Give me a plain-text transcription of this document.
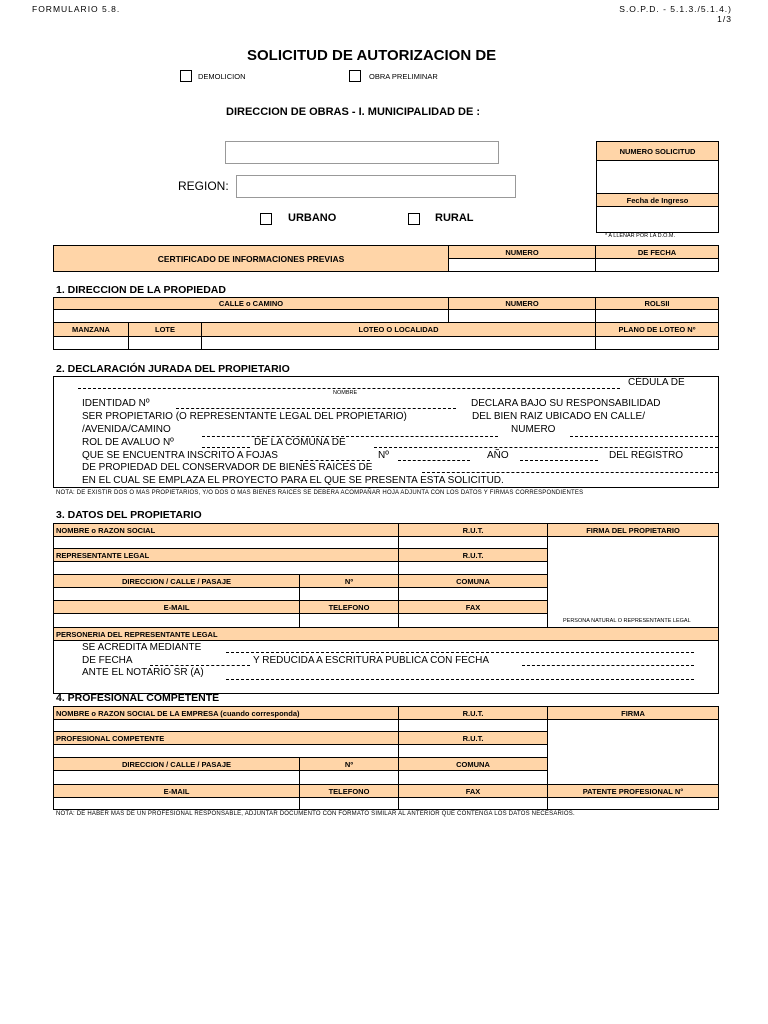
FORMULARIO 5.8.	S.O.P.D. - 5.1.3./5.1.4.)
1/3
SOLICITUD DE AUTORIZACION DE
DEMOLICION	OBRA PRELIMINAR
DIRECCION DE OBRAS - I. MUNICIPALIDAD DE :
REGION:
URBANO	RURAL
NUMERO SOLICITUD
Fecha de Ingreso
* A LLENAR POR LA D.O.M.
CERTIFICADO DE INFORMACIONES PREVIAS
NUMERO	DE FECHA
1. DIRECCION DE LA PROPIEDAD
CALLE o CAMINO	NUMERO	ROLSII
MANZANA	LOTE	LOTEO O LOCALIDAD	PLANO DE LOTEO Nº
2. DECLARACIÓN JURADA DEL PROPIETARIO
CÉDULA DE
NOMBRE
IDENTIDAD Nº	DECLARA BAJO SU RESPONSABILIDAD
SER PROPIETARIO (O REPRESENTANTE LEGAL DEL PROPIETARIO)	DEL BIEN RAIZ UBICADO EN CALLE/
/AVENIDA/CAMINO	NUMERO
ROL DE AVALUO Nº	DE LA COMUNA DE
QUE SE ENCUENTRA INSCRITO A FOJAS	Nº	AÑO	DEL REGISTRO
DE PROPIEDAD DEL CONSERVADOR DE BIENES RAICES DE
EN EL CUAL SE EMPLAZA EL PROYECTO PARA EL QUE SE PRESENTA ESTA SOLICITUD.
NOTA: DE EXISTIR DOS O MAS PROPIETARIOS, Y/O DOS O MAS BIENES RAICES SE DEBERA ACOMPAÑAR HOJA ADJUNTA CON LOS DATOS Y FIRMAS CORRESPONDIENTES
3. DATOS DEL PROPIETARIO
NOMBRE o RAZON SOCIAL	R.U.T.	FIRMA DEL PROPIETARIO
PERSONA NATURAL O REPRESENTANTE LEGAL
REPRESENTANTE LEGAL	R.U.T.
DIRECCION / CALLE / PASAJE	Nº	COMUNA
E-MAIL	TELEFONO	FAX
PERSONERIA DEL REPRESENTANTE LEGAL
SE ACREDITA MEDIANTE
DE FECHA	Y REDUCIDA A ESCRITURA PUBLICA CON FECHA
ANTE EL NOTARIO SR (A)
4. PROFESIONAL COMPETENTE
NOMBRE o RAZON SOCIAL DE LA EMPRESA (cuando corresponda)	R.U.T.	FIRMA
PROFESIONAL COMPETENTE	R.U.T.
DIRECCION / CALLE / PASAJE	Nº	COMUNA
E-MAIL	TELEFONO	FAX	PATENTE PROFESIONAL N°
NOTA: DE HABER MAS DE UN PROFESIONAL RESPONSABLE, ADJUNTAR DOCUMENTO CON FORMATO SIMILAR AL ANTERIOR QUE CONTENGA LOS DATOS NECESARIOS.
